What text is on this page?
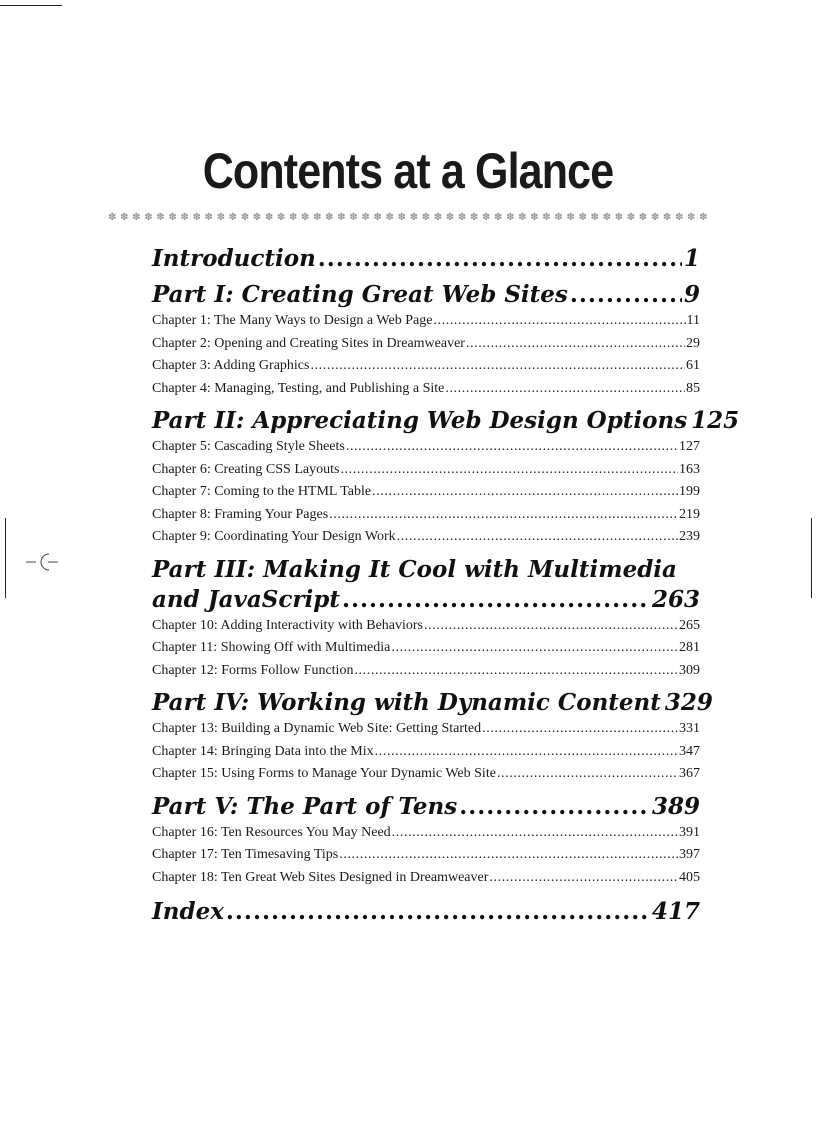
Contents at a Glance
✽ ✽ ✽ ✽ ✽ ✽ ✽ ✽ ✽ ✽ ✽ ✽ ✽ ✽ ✽ ✽ ✽ ✽ ✽ ✽ ✽ ✽ ✽ ✽ ✽ ✽ ✽ ✽ ✽ ✽ ✽ ✽ ✽ ✽ ✽ ✽ ✽ ✽ ✽ ✽ ✽ ✽ ✽ ✽ ✽ ✽ ✽ ✽ ✽ ✽
Introduction .....	1
Part I: Creating Great Web Sites .....	9
Chapter 1: The Many Ways to Design a Web Page .....	11
Chapter 2: Opening and Creating Sites in Dreamweaver .....	29
Chapter 3: Adding Graphics .....	61
Chapter 4: Managing, Testing, and Publishing a Site .....	85
Part II: Appreciating Web Design Options 125
Chapter 5: Cascading Style Sheets .....	127
Chapter 6: Creating CSS Layouts .....	163
Chapter 7: Coming to the HTML Table .....	199
Chapter 8: Framing Your Pages .....	219
Chapter 9: Coordinating Your Design Work .....	239
Part III: Making It Cool with Multimedia
and JavaScript .....	263
Chapter 10: Adding Interactivity with Behaviors .....	265
Chapter 11: Showing Off with Multimedia .....	281
Chapter 12: Forms Follow Function .....	309
Part IV: Working with Dynamic Content 329
Chapter 13: Building a Dynamic Web Site: Getting Started .....	331
Chapter 14: Bringing Data into the Mix .....	347
Chapter 15: Using Forms to Manage Your Dynamic Web Site .....	367
Part V: The Part of Tens .....	389
Chapter 16: Ten Resources You May Need .....	391
Chapter 17: Ten Timesaving Tips .....	397
Chapter 18: Ten Great Web Sites Designed in Dreamweaver .....	405
Index .....	417
